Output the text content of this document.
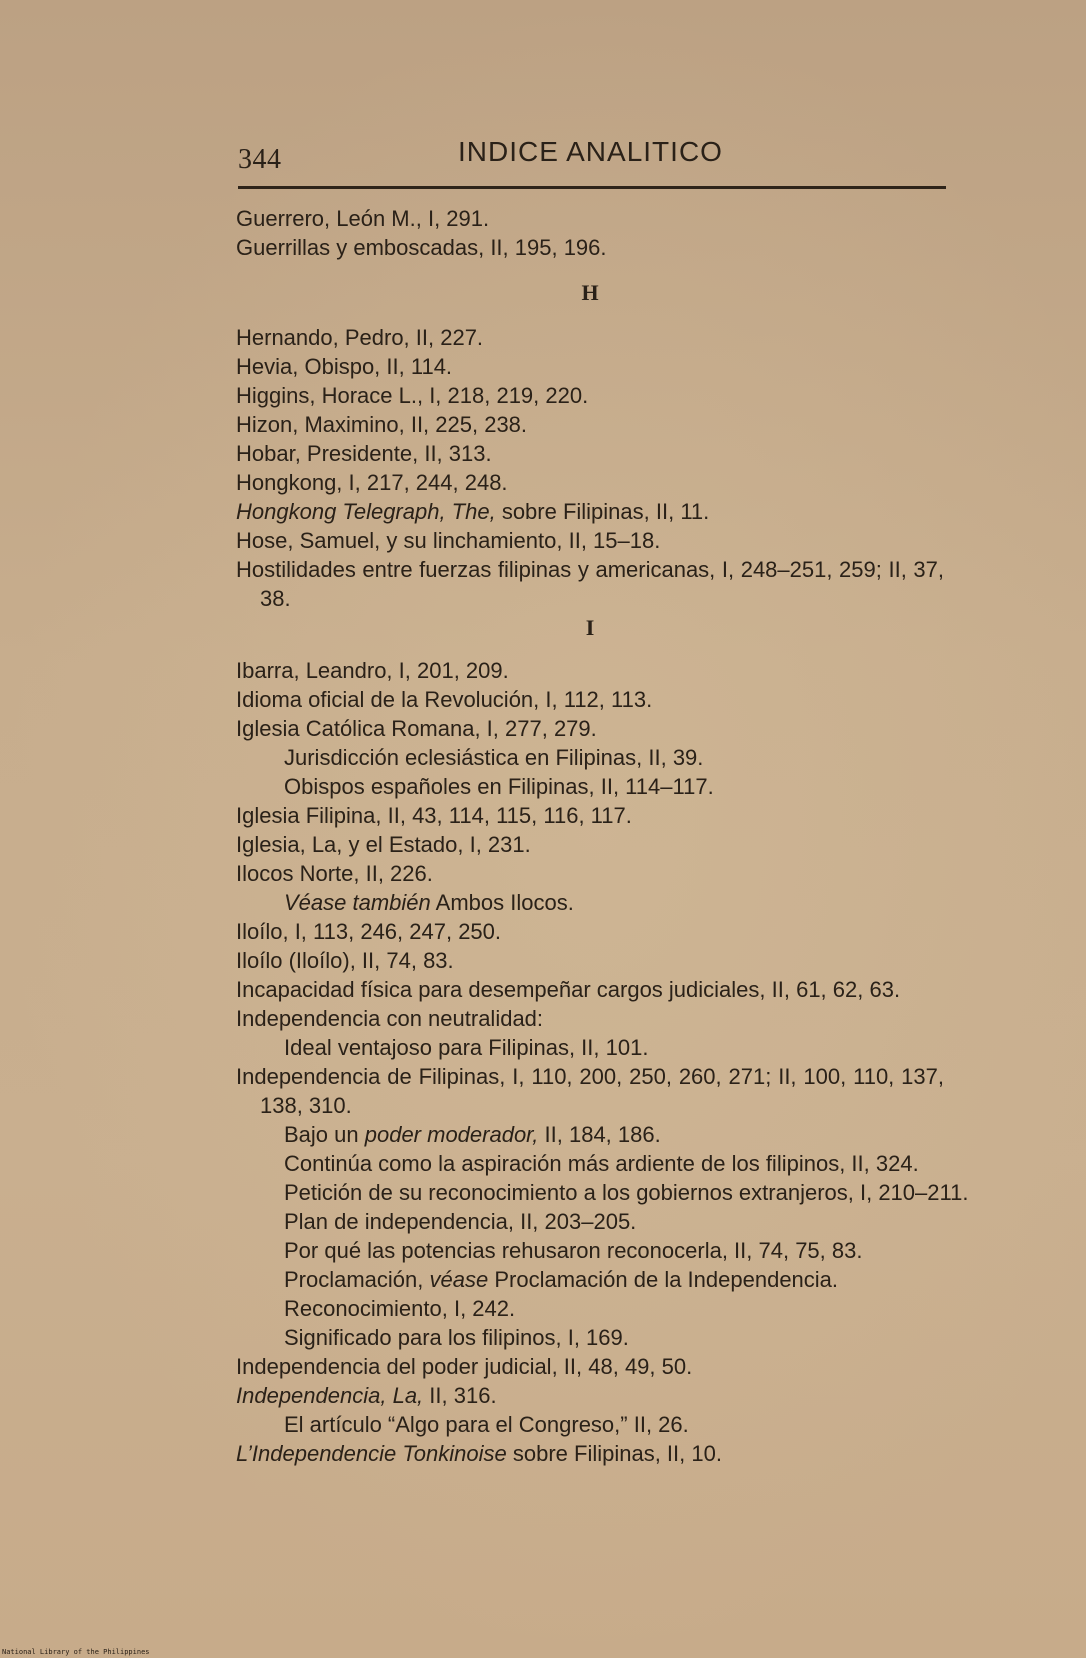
344	INDICE ANALITICO

Guerrero, León M., I, 291.

Guerrillas y emboscadas, II, 195, 196.

H

Hernando, Pedro, II, 227.

Hevia, Obispo, II, 114.

Higgins, Horace L., I, 218, 219, 220.

Hizon, Maximino, II, 225, 238.

Hobar, Presidente, II, 313.

Hongkong, I, 217, 244, 248.

Hongkong Telegraph, The, sobre Filipinas, II, 11.

Hose, Samuel, y su linchamiento, II, 15–18.

Hostilidades entre fuerzas filipinas y americanas, I, 248–251, 259; II, 37, 38.

I

Ibarra, Leandro, I, 201, 209.

Idioma oficial de la Revolución, I, 112, 113.

Iglesia Católica Romana, I, 277, 279.

Jurisdicción eclesiástica en Filipinas, II, 39.

Obispos españoles en Filipinas, II, 114–117.

Iglesia Filipina, II, 43, 114, 115, 116, 117.

Iglesia, La, y el Estado, I, 231.

Ilocos Norte, II, 226.

Véase también Ambos Ilocos.

Iloílo, I, 113, 246, 247, 250.

Iloílo (Iloílo), II, 74, 83.

Incapacidad física para desempeñar cargos judiciales, II, 61, 62, 63.

Independencia con neutralidad:

Ideal ventajoso para Filipinas, II, 101.

Independencia de Filipinas, I, 110, 200, 250, 260, 271; II, 100, 110, 137, 138, 310.

Bajo un poder moderador, II, 184, 186.

Continúa como la aspiración más ardiente de los filipinos, II, 324.

Petición de su reconocimiento a los gobiernos extranjeros, I, 210–211.

Plan de independencia, II, 203–205.

Por qué las potencias rehusaron reconocerla, II, 74, 75, 83.

Proclamación, véase Proclamación de la Independencia.

Reconocimiento, I, 242.

Significado para los filipinos, I, 169.

Independencia del poder judicial, II, 48, 49, 50.

Independencia, La, II, 316.

El artículo “Algo para el Congreso,” II, 26.

L’Independencie Tonkinoise sobre Filipinas, II, 10.

National Library of the Philippines
